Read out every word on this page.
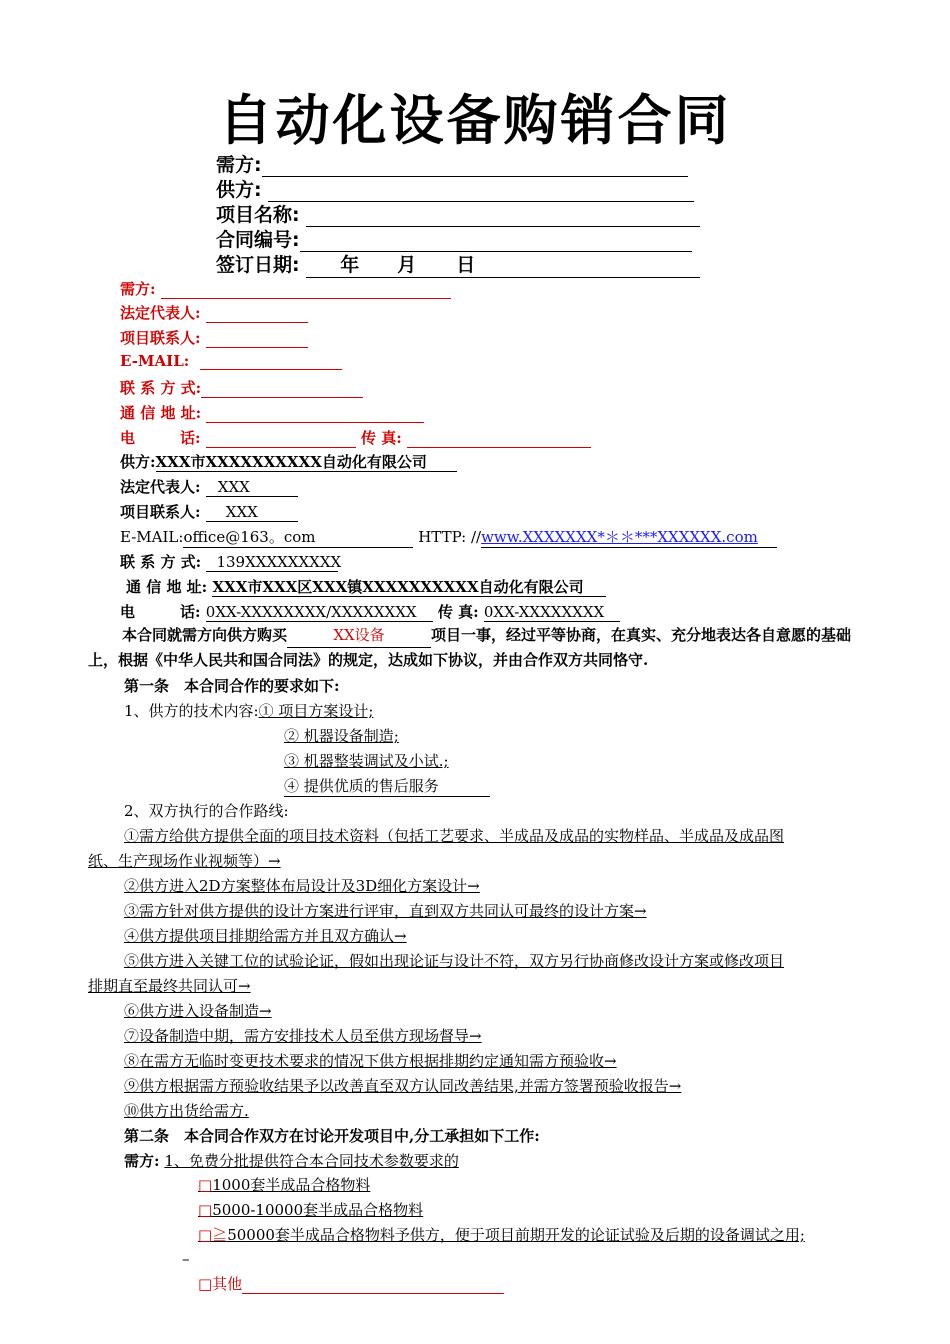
自动化设备购销合同
需方:
供方:
项目名称:
合同编号:
签订日期: 年 月 日
需方:
法定代表人:
项目联系人:
E-MAIL:
联 系 方 式:
通 信 地 址:
电　　　话:	传 真:
供方:XXX市XXXXXXXXXX自动化有限公司
法定代表人: XXX
项目联系人: XXX
E-MAIL:office@163。com	HTTP: //www.XXXXXXX*＊＊***XXXXXX.com
联 系 方 式: 139XXXXXXXXX
通 信 地 址: XXX市XXX区XXX镇XXXXXXXXXX自动化有限公司
电　　　话: 0XX-XXXXXXXX/XXXXXXXX 传 真: 0XX-XXXXXXXX
本合同就需方向供方购买	XX设备	项目一事，经过平等协商，在真实、充分地表达各自意愿的基础上，根据《中华人民共和国合同法》的规定，达成如下协议，并由合作双方共同恪守.
第一条　本合同合作的要求如下:
1、供方的技术内容:① 项目方案设计;
② 机器设备制造;
③ 机器整装调试及小试.;
④ 提供优质的售后服务
2、双方执行的合作路线:
①需方给供方提供全面的项目技术资料（包括工艺要求、半成品及成品的实物样品、半成品及成品图
纸、生产现场作业视频等）→
②供方进入2D方案整体布局设计及3D细化方案设计→
③需方针对供方提供的设计方案进行评审，直到双方共同认可最终的设计方案→
④供方提供项目排期给需方并且双方确认→
⑤供方进入关键工位的试验论证，假如出现论证与设计不符，双方另行协商修改设计方案或修改项目
排期直至最终共同认可→
⑥供方进入设备制造→
⑦设备制造中期，需方安排技术人员至供方现场督导→
⑧在需方无临时变更技术要求的情况下供方根据排期约定通知需方预验收→
⑨供方根据需方预验收结果予以改善直至双方认同改善结果,并需方签署预验收报告→
⑩供方出货给需方.
第二条　本合同合作双方在讨论开发项目中,分工承担如下工作:
需方: 1、免费分批提供符合本合同技术参数要求的
□1000套半成品合格物料
□5000-10000套半成品合格物料
□≧50000套半成品合格物料予供方，便于项目前期开发的论证试验及后期的设备调试之用;
–
□其他
